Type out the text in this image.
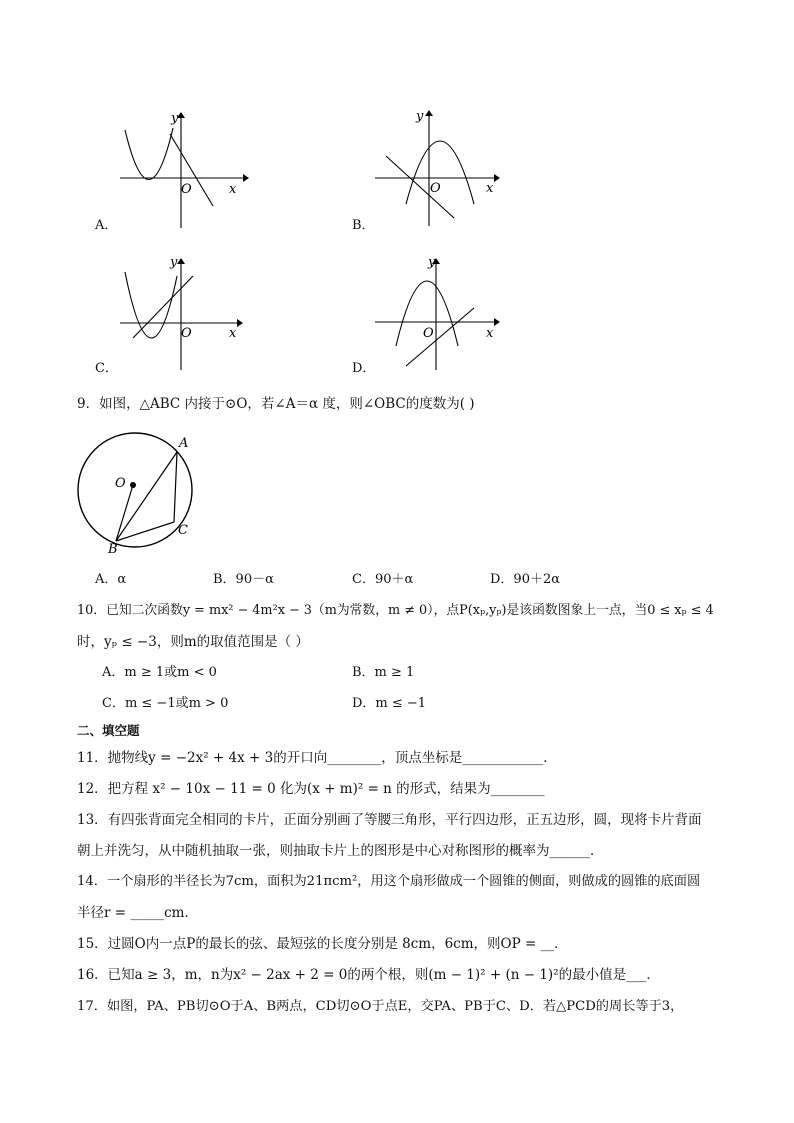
y
O	x
A．
y
O	x
B．
y
O	x
C．
y
O	x
D．
9．如图，△ABC 内接于⊙O，若∠A＝α 度，则∠OBC的度数为( )
A
O
B
C
A．α	B．90－α	C．90＋α	D．90＋2α
10．已知二次函数y = mx² − 4m²x − 3（m为常数，m ≠ 0），点P(xₚ,yₚ)是该函数图象上一点，当0 ≤ xₚ ≤ 4
时，yₚ ≤ −3，则m的取值范围是（ ）
A．m ≥ 1或m < 0	B．m ≥ 1
C．m ≤ −1或m > 0	D．m ≤ −1
二、填空题
11．抛物线y = −2x² + 4x + 3的开口向________，顶点坐标是____________．
12．把方程 x² − 10x − 11 = 0 化为(x + m)² = n 的形式，结果为________
13．有四张背面完全相同的卡片，正面分别画了等腰三角形，平行四边形，正五边形，圆，现将卡片背面
朝上并洗匀，从中随机抽取一张，则抽取卡片上的图形是中心对称图形的概率为______．
14．一个扇形的半径长为7cm，面积为21πcm²，用这个扇形做成一个圆锥的侧面，则做成的圆锥的底面圆
半径r = _____cm．
15．过圆O内一点P的最长的弦、最短弦的长度分别是 8cm，6cm，则OP = __．
16．已知a ≥ 3，m，n为x² − 2ax + 2 = 0的两个根，则(m − 1)² + (n − 1)²的最小值是___．
17．如图，PA、PB切⊙O于A、B两点，CD切⊙O于点E，交PA、PB于C、D．若△PCD的周长等于3，
